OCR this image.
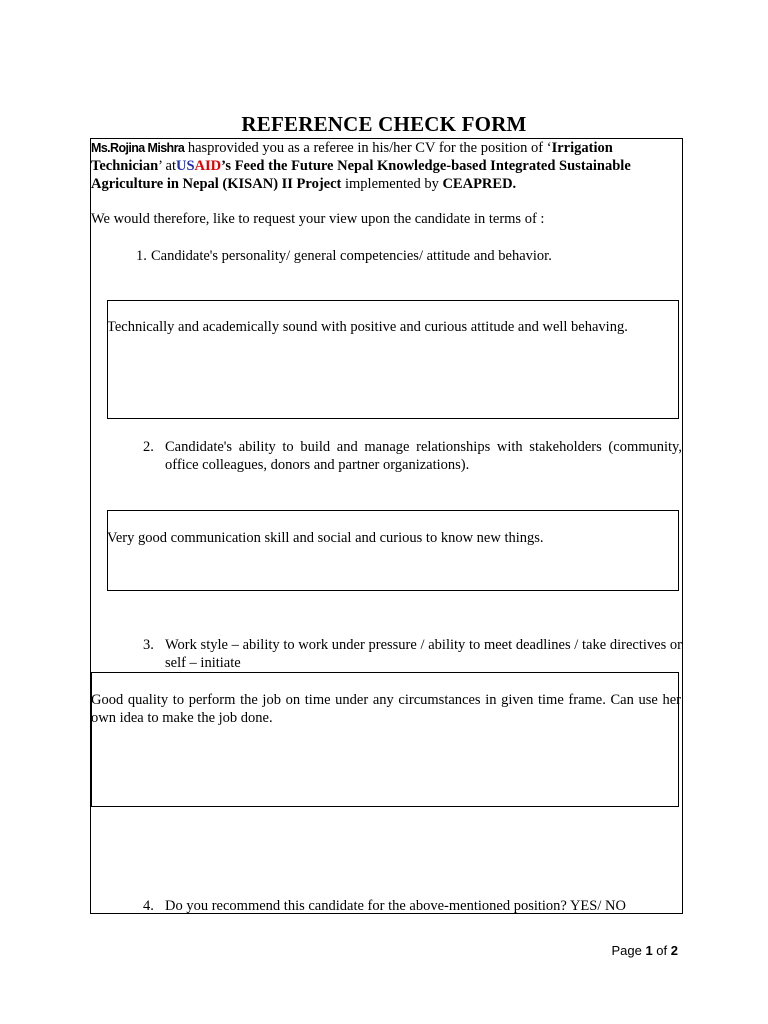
REFERENCE CHECK FORM
Ms.Rojina Mishra hasprovided you as a referee in his/her CV for the position of ‘Irrigation Technician’ atUSAID’s Feed the Future Nepal Knowledge-based Integrated Sustainable Agriculture in Nepal (KISAN) II Project implemented by CEAPRED.
We would therefore, like to request your view upon the candidate in terms of :
1. Candidate's personality/ general competencies/ attitude and behavior.
Technically and academically sound with positive and curious attitude and well behaving.
2. Candidate's ability to build and manage relationships with stakeholders (community, office colleagues, donors and partner organizations).
Very good communication skill and social and curious to know new things.
3. Work style – ability to work under pressure / ability to meet deadlines / take directives or self – initiate
Good quality to perform the job on time under any circumstances in given time frame. Can use her own idea to make the job done.
4. Do you recommend this candidate for the above-mentioned position? YES/ NO
Page 1 of 2
